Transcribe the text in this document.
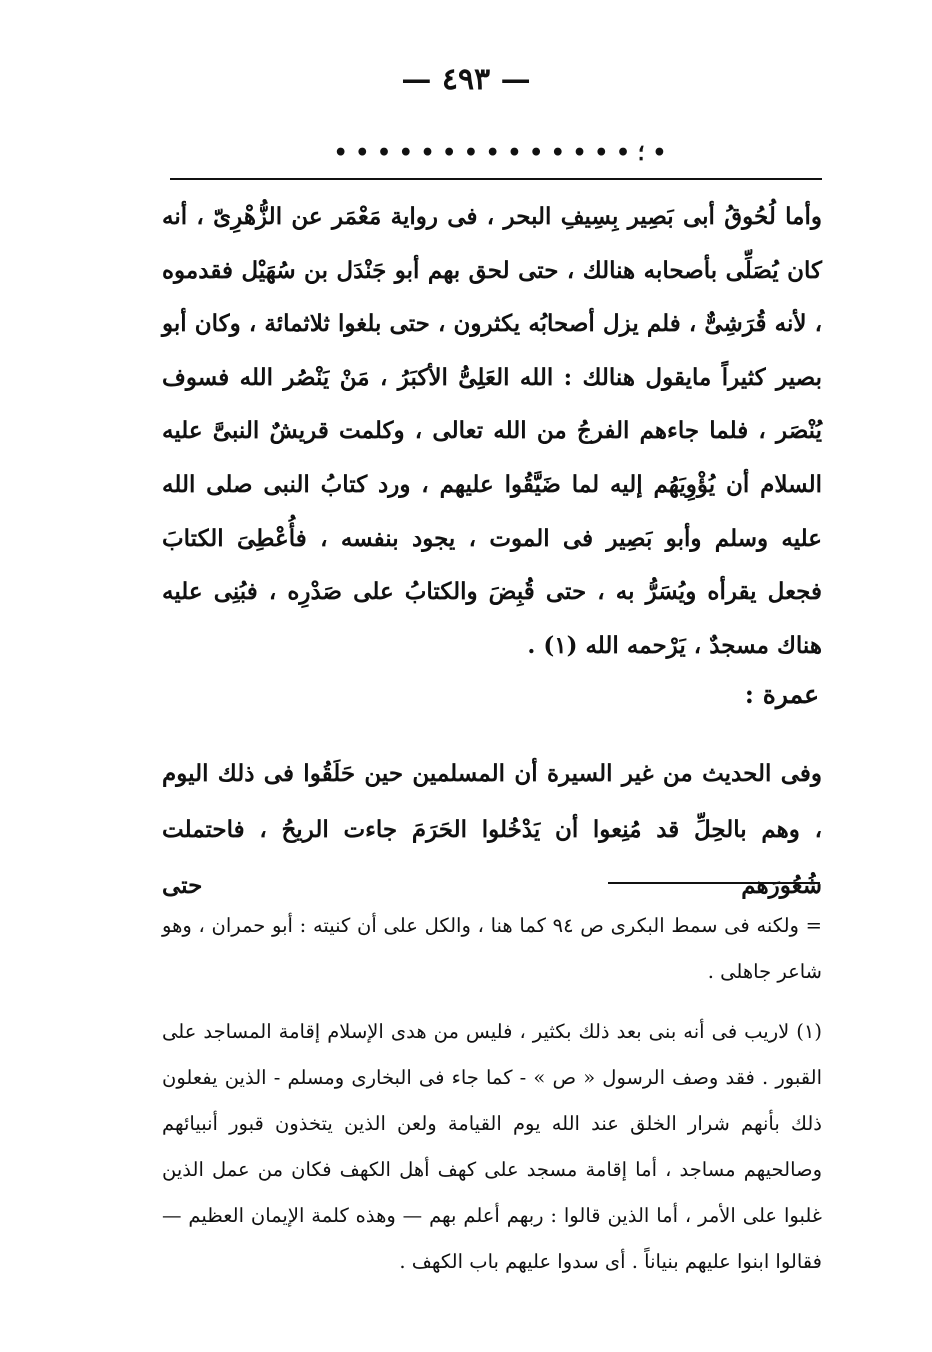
— ٤٩٣ —
• • • • • • • • • • • • • • ؛ •

وأما لُحُوقُ أبى بَصِير بِسِيفِ البحر ، فى رواية مَعْمَر عن الزُّهْرِىّ ، أنه كان يُصَلِّى بأصحابه هنالك ، حتى لحق بهم أبو جَنْدَل بن سُهَيْل فقدموه ، لأنه قُرَشِىٌّ ، فلم يزل أصحابُه يكثرون ، حتى بلغوا ثلاثمائة ، وكان أبو بصير كثيراً مايقول هنالك : الله العَلِىُّ الأكبَرُ ، مَنْ يَنْصُر الله فسوف يُنْصَر ، فلما جاءهم الفرجُ من الله تعالى ، وكلمت قريشٌ النبىَّ عليه السلام أن يُؤْوِيَهُم إليه لما ضَيَّقُوا عليهم ، ورد كتابُ النبى صلى الله عليه وسلم وأبو بَصِير فى الموت ، يجود بنفسه ، فأُعْطِىَ الكتابَ فجعل يقرأه ويُسَرُّ به ، حتى قُبِضَ والكتابُ على صَدْرِه ، فبُنِى عليه هناك مسجدٌ ، يَرْحمه الله (١) .

عمرة :

وفى الحديث من غير السيرة أن المسلمين حين حَلَقُوا فى ذلك اليوم ، وهم بالحِلِّ قد مُنِعوا أن يَدْخُلوا الحَرَمَ جاءت الريحُ ، فاحتملت شُعُورَهم حتى

= ولكنه فى سمط البكرى ص ٩٤ كما هنا ، والكل على أن كنيته : أبو حمران ، وهو شاعر جاهلى .

(١) لاريب فى أنه بنى بعد ذلك بكثير ، فليس من هدى الإسلام إقامة المساجد على القبور . فقد وصف الرسول « ص » - كما جاء فى البخارى ومسلم - الذين يفعلون ذلك بأنهم شرار الخلق عند الله يوم القيامة ولعن الذين يتخذون قبور أنبيائهم وصالحيهم مساجد ، أما إقامة مسجد على كهف أهل الكهف فكان من عمل الذين غلبوا على الأمر ، أما الذين قالوا : ربهم أعلم بهم — وهذه كلمة الإيمان العظيم — فقالوا ابنوا عليهم بنياناً . أى سدوا عليهم باب الكهف .
